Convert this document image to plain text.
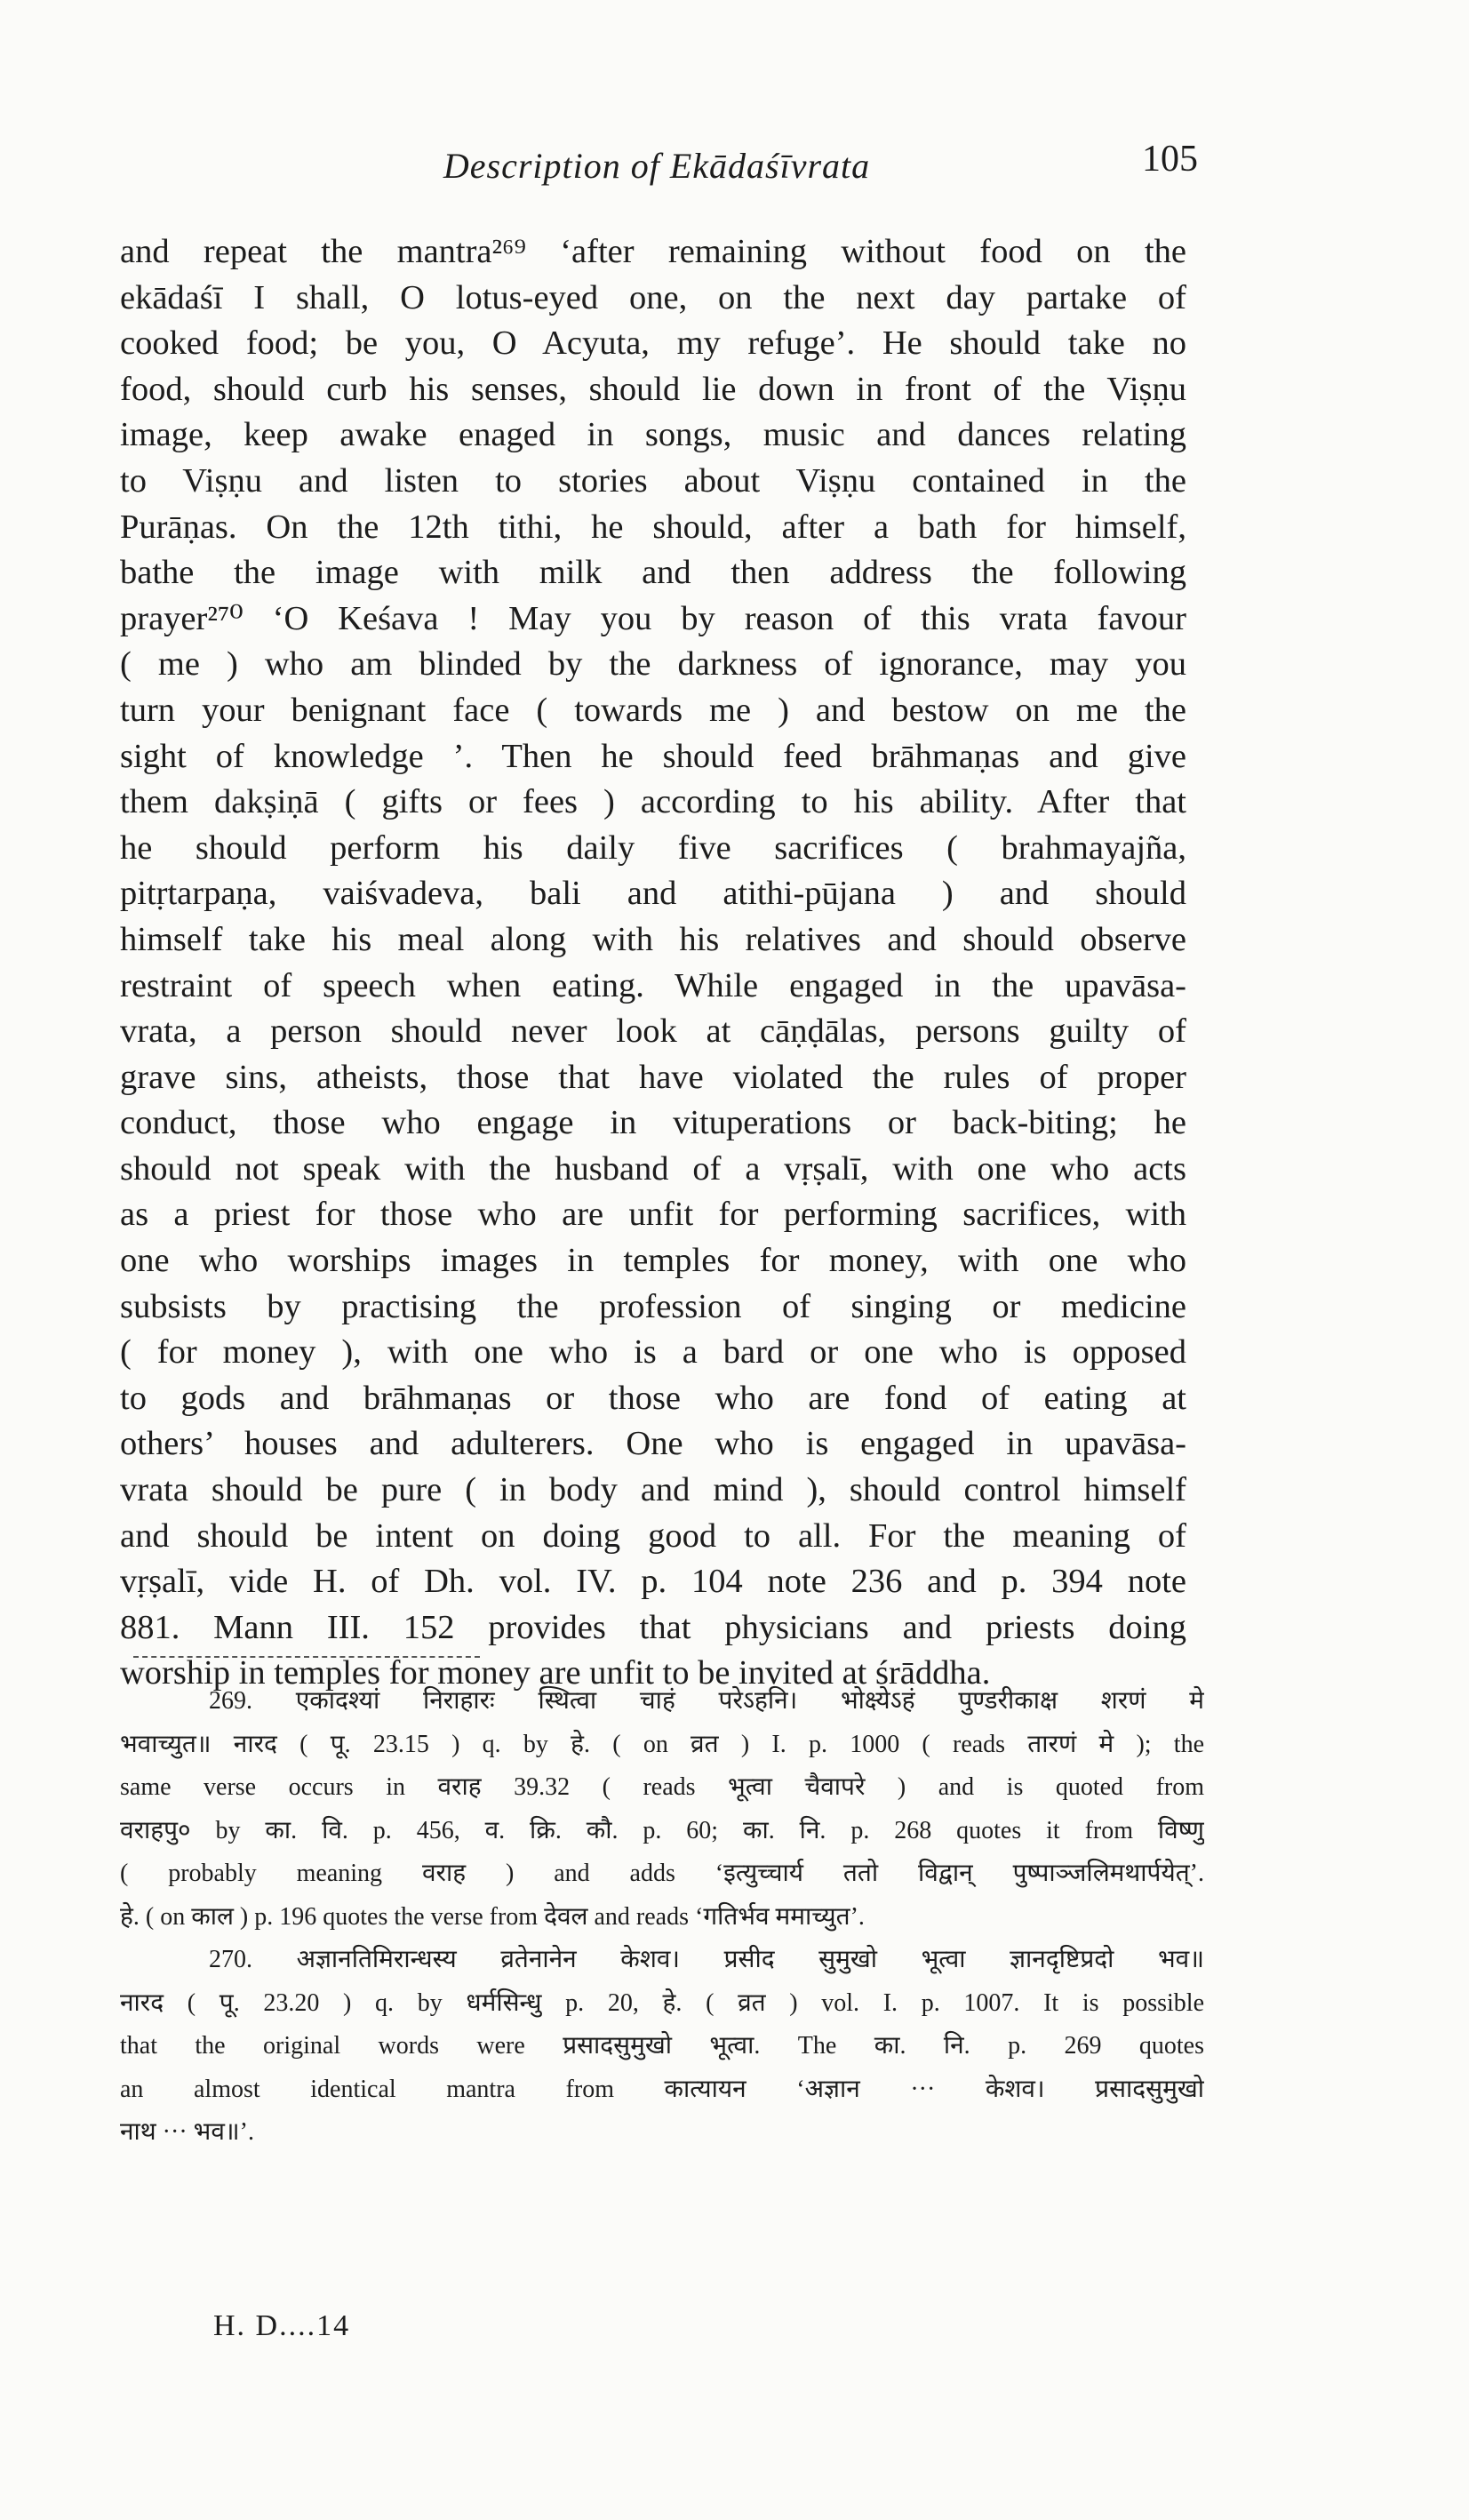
Description of Ekādaśīvrata	105
and repeat the mantra²⁶⁹ ‘after remaining without food on the
ekādaśī I shall, O lotus-eyed one, on the next day partake of
cooked food; be you, O Acyuta, my refuge’. He should take no
food, should curb his senses, should lie down in front of the Viṣṇu
image, keep awake enaged in songs, music and dances relating
to Viṣṇu and listen to stories about Viṣṇu contained in the
Purāṇas. On the 12th tithi, he should, after a bath for himself,
bathe the image with milk and then address the following
prayer²⁷⁰ ‘O Keśava ! May you by reason of this vrata favour
( me ) who am blinded by the darkness of ignorance, may you
turn your benignant face ( towards me ) and bestow on me the
sight of knowledge ’. Then he should feed brāhmaṇas and give
them dakṣiṇā ( gifts or fees ) according to his ability. After that
he should perform his daily five sacrifices ( brahmayajña,
pitṛtarpaṇa, vaiśvadeva, bali and atithi-pūjana ) and should
himself take his meal along with his relatives and should observe
restraint of speech when eating. While engaged in the upavāsa-
vrata, a person should never look at cāṇḍālas, persons guilty of
grave sins, atheists, those that have violated the rules of proper
conduct, those who engage in vituperations or back-biting; he
should not speak with the husband of a vṛṣalī, with one who acts
as a priest for those who are unfit for performing sacrifices, with
one who worships images in temples for money, with one who
subsists by practising the profession of singing or medicine
( for money ), with one who is a bard or one who is opposed
to gods and brāhmaṇas or those who are fond of eating at
others’ houses and adulterers. One who is engaged in upavāsa-
vrata should be pure ( in body and mind ), should control himself
and should be intent on doing good to all. For the meaning of
vṛṣalī, vide H. of Dh. vol. IV. p. 104 note 236 and p. 394 note
881. Mann III. 152 provides that physicians and priests doing
worship in temples for money are unfit to be invited at śrāddha.
269. एकादश्यां निराहारः स्थित्वा चाहं परेऽहनि। भोक्ष्येऽहं पुण्डरीकाक्ष शरणं मे
भवाच्युत॥ नारद ( पू. 23.15 ) q. by हे. ( on व्रत ) I. p. 1000 ( reads तारणं मे ); the
same verse occurs in वराह 39.32 ( reads भूत्वा चैवापरे ) and is quoted from
वराहपु० by का. वि. p. 456, व. क्रि. कौ. p. 60; का. नि. p. 268 quotes it from विष्णु
( probably meaning वराह ) and adds ‘इत्युच्चार्य ततो विद्वान् पुष्पाञ्जलिमथार्पयेत्’.
हे. ( on काल ) p. 196 quotes the verse from देवल and reads ‘गतिर्भव ममाच्युत’.
270. अज्ञानतिमिरान्धस्य व्रतेनानेन केशव। प्रसीद सुमुखो भूत्वा ज्ञानदृष्टिप्रदो भव॥
नारद ( पू. 23.20 ) q. by धर्मसिन्धु p. 20, हे. ( व्रत ) vol. I. p. 1007. It is possible
that the original words were प्रसादसुमुखो भूत्वा. The का. नि. p. 269 quotes
an almost identical mantra from कात्यायन ‘अज्ञान ··· केशव। प्रसादसुमुखो
नाथ ··· भव॥’.
H. D....14
